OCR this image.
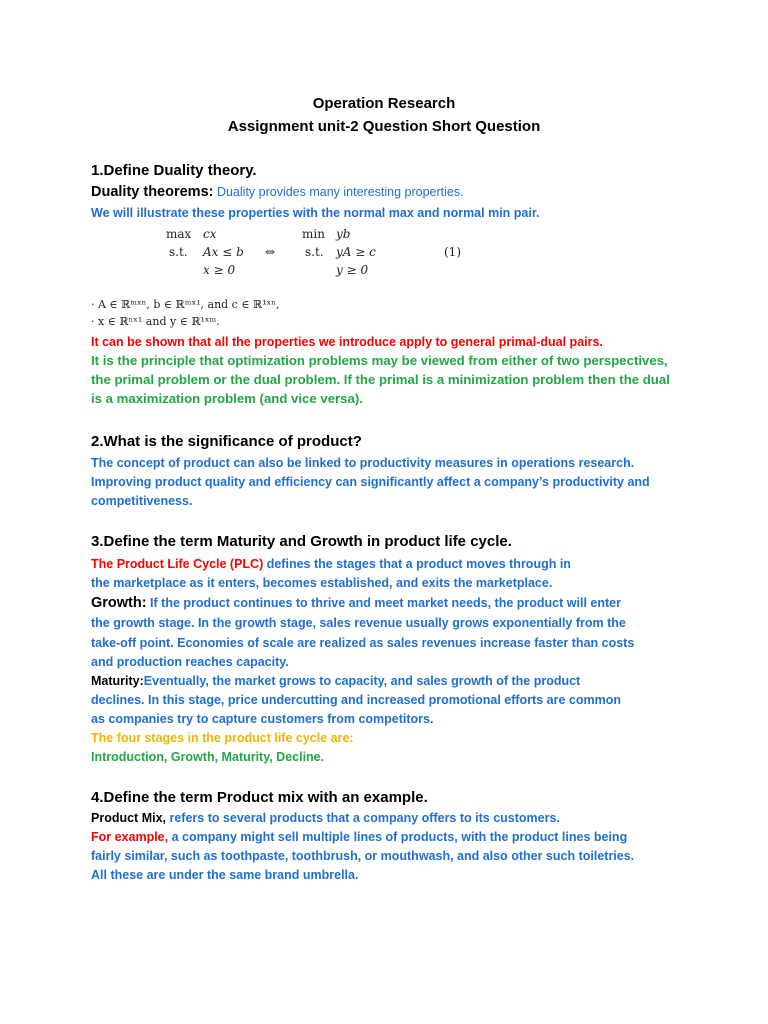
Operation Research
Assignment unit-2 Question Short Question
1.Define Duality theory.
Duality theorems: Duality provides many interesting properties.
We will illustrate these properties with the normal max and normal min pair.
max cx
s.t. Ax ≤ b
x ≥ 0
⇔
min yb
s.t. yA ≥ c
y ≥ 0
(1)
· A ∈ ℝᵐˣⁿ, b ∈ ℝᵐˣ¹, and c ∈ ℝ¹ˣⁿ,
· x ∈ ℝⁿˣ¹ and y ∈ ℝ¹ˣᵐ.
It can be shown that all the properties we introduce apply to general primal-dual pairs.
It is the principle that optimization problems may be viewed from either of two perspectives,
the primal problem or the dual problem. If the primal is a minimization problem then the dual
is a maximization problem (and vice versa).
2.What is the significance of product?
The concept of product can also be linked to productivity measures in operations research.
Improving product quality and efficiency can significantly affect a company’s productivity and
competitiveness.
3.Define the term Maturity and Growth in product life cycle.
The Product Life Cycle (PLC) defines the stages that a product moves through in
the marketplace as it enters, becomes established, and exits the marketplace.
Growth: If the product continues to thrive and meet market needs, the product will enter
the growth stage. In the growth stage, sales revenue usually grows exponentially from the
take-off point. Economies of scale are realized as sales revenues increase faster than costs
and production reaches capacity.
Maturity:Eventually, the market grows to capacity, and sales growth of the product
declines. In this stage, price undercutting and increased promotional efforts are common
as companies try to capture customers from competitors.
The four stages in the product life cycle are:
Introduction, Growth, Maturity, Decline.
4.Define the term Product mix with an example.
Product Mix, refers to several products that a company offers to its customers.
For example, a company might sell multiple lines of products, with the product lines being
fairly similar, such as toothpaste, toothbrush, or mouthwash, and also other such toiletries.
All these are under the same brand umbrella.
